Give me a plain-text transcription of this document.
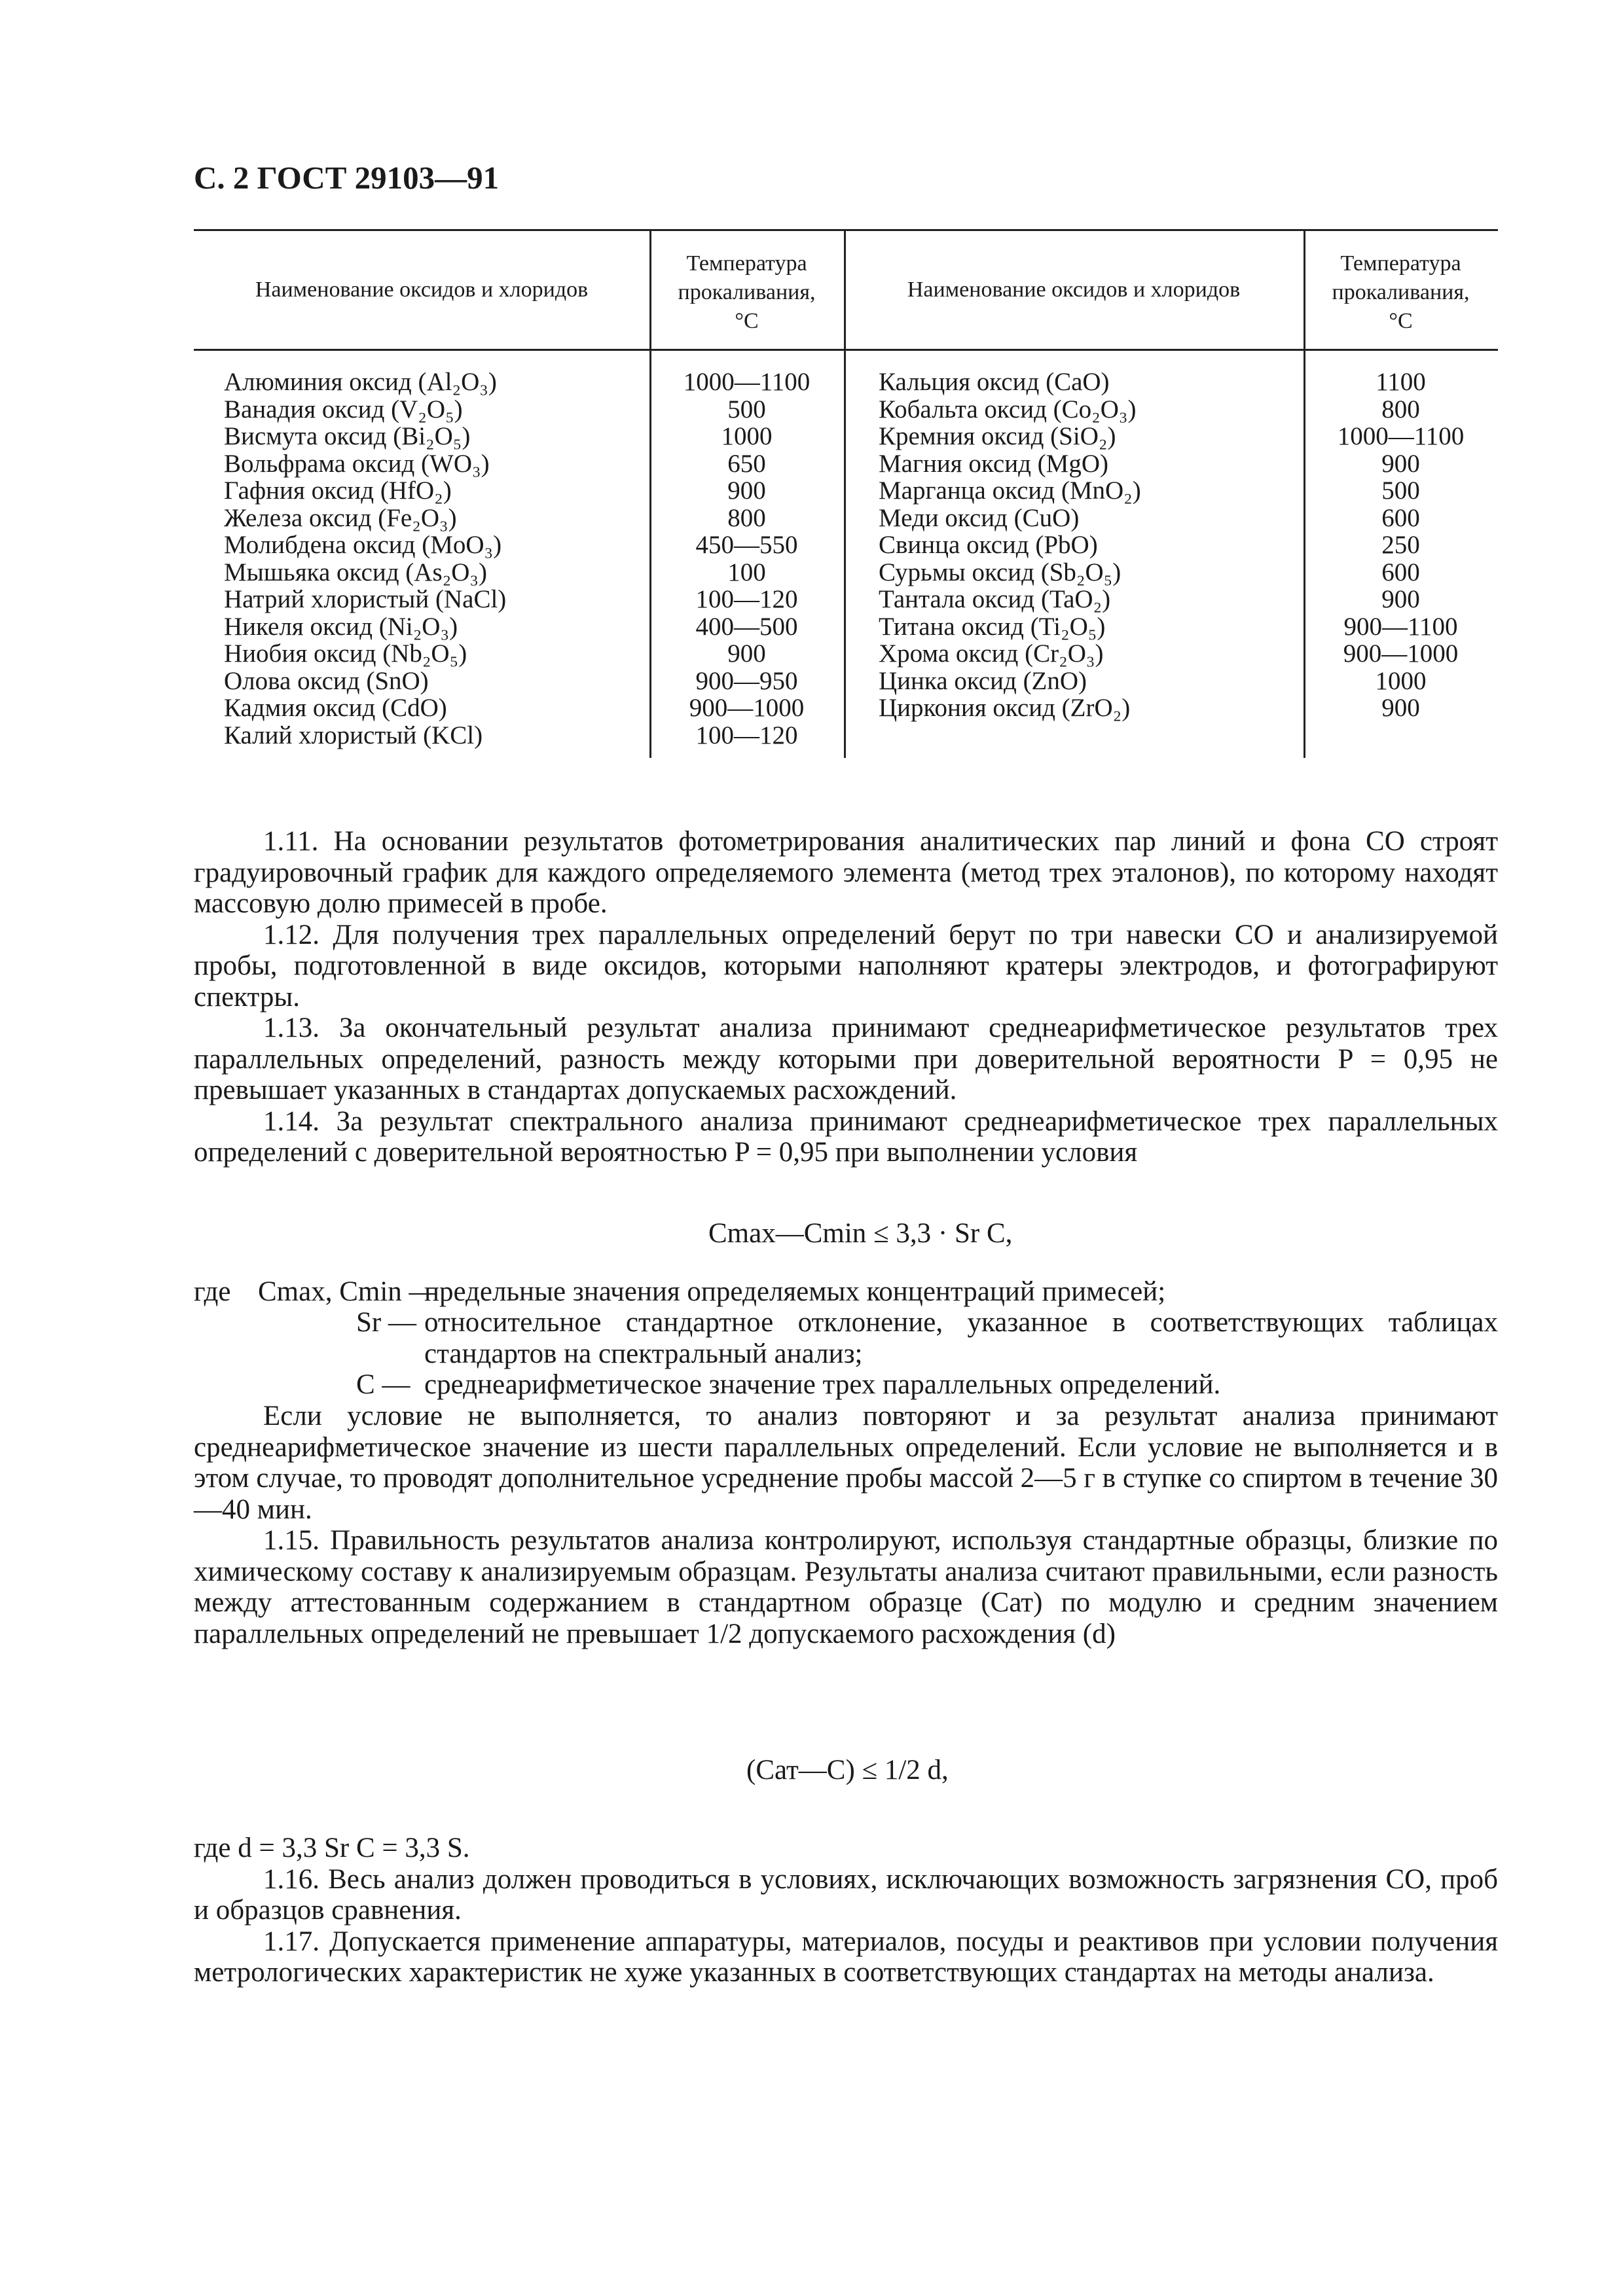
С. 2 ГОСТ 29103—91
Наименование оксидов и хлоридов
Температура
прокаливания,
°С
Наименование оксидов и хлоридов
Температура
прокаливания,
°С
Алюминия оксид (Al₂O₃)
Ванадия оксид (V₂O₅)
Висмута оксид (Bi₂O₅)
Вольфрама оксид (WO₃)
Гафния оксид (HfO₂)
Железа оксид (Fe₂O₃)
Молибдена оксид (MoO₃)
Мышьяка оксид (As₂O₃)
Натрий хлористый (NaCl)
Никеля оксид (Ni₂O₃)
Ниобия оксид (Nb₂O₅)
Олова оксид (SnO)
Кадмия оксид (CdO)
Калий хлористый (KCl)
1000—1100
500
1000
650
900
800
450—550
100
100—120
400—500
900
900—950
900—1000
100—120
Кальция оксид (CaO)
Кобальта оксид (Co₂O₃)
Кремния оксид (SiO₂)
Магния оксид (MgO)
Марганца оксид (MnO₂)
Меди оксид (CuO)
Свинца оксид (PbO)
Сурьмы оксид (Sb₂O₅)
Тантала оксид (TaO₂)
Титана оксид (Ti₂O₅)
Хрома оксид (Cr₂O₃)
Цинка оксид (ZnO)
Циркония оксид (ZrO₂)
1100
800
1000—1100
900
500
600
250
600
900
900—1100
900—1000
1000
900

1.11. На основании результатов фотометрирования аналитических пар линий и фона СО строят градуировочный график для каждого определяемого элемента (метод трех эталонов), по которому находят массовую долю примесей в пробе.

1.12. Для получения трех параллельных определений берут по три навески СО и анализируемой пробы, подготовленной в виде оксидов, которыми наполняют кратеры электродов, и фотографируют спектры.

1.13. За окончательный результат анализа принимают среднеарифметическое результатов трех параллельных определений, разность между которыми при доверительной вероятности P = 0,95 не превышает указанных в стандартах допускаемых расхождений.

1.14. За результат спектрального анализа принимают среднеарифметическое трех параллельных определений с доверительной вероятностью P = 0,95 при выполнении условия

Cmax—Cmin ≤ 3,3 · Sr C,
где Cmax, Cmin —
предельные значения определяемых концентраций примесей;
Sr — относительное стандартное отклонение, указанное в соответствующих таблицах стандартов на спектральный анализ;
C — среднеарифметическое значение трех параллельных определений.

Если условие не выполняется, то анализ повторяют и за результат анализа принимают среднеарифметическое значение из шести параллельных определений. Если условие не выполняется и в этом случае, то проводят дополнительное усреднение пробы массой 2—5 г в ступке со спиртом в течение 30—40 мин.

1.15. Правильность результатов анализа контролируют, используя стандартные образцы, близкие по химическому составу к анализируемым образцам. Результаты анализа считают правильными, если разность между аттестованным содержанием в стандартном образце (Cат) по модулю и средним значением параллельных определений не превышает 1/2 допускаемого расхождения (d)

(Cат—C) ≤ 1/2 d,
где d = 3,3 Sr C = 3,3 S.

1.16. Весь анализ должен проводиться в условиях, исключающих возможность загрязнения СО, проб и образцов сравнения.

1.17. Допускается применение аппаратуры, материалов, посуды и реактивов при условии получения метрологических характеристик не хуже указанных в соответствующих стандартах на методы анализа.
